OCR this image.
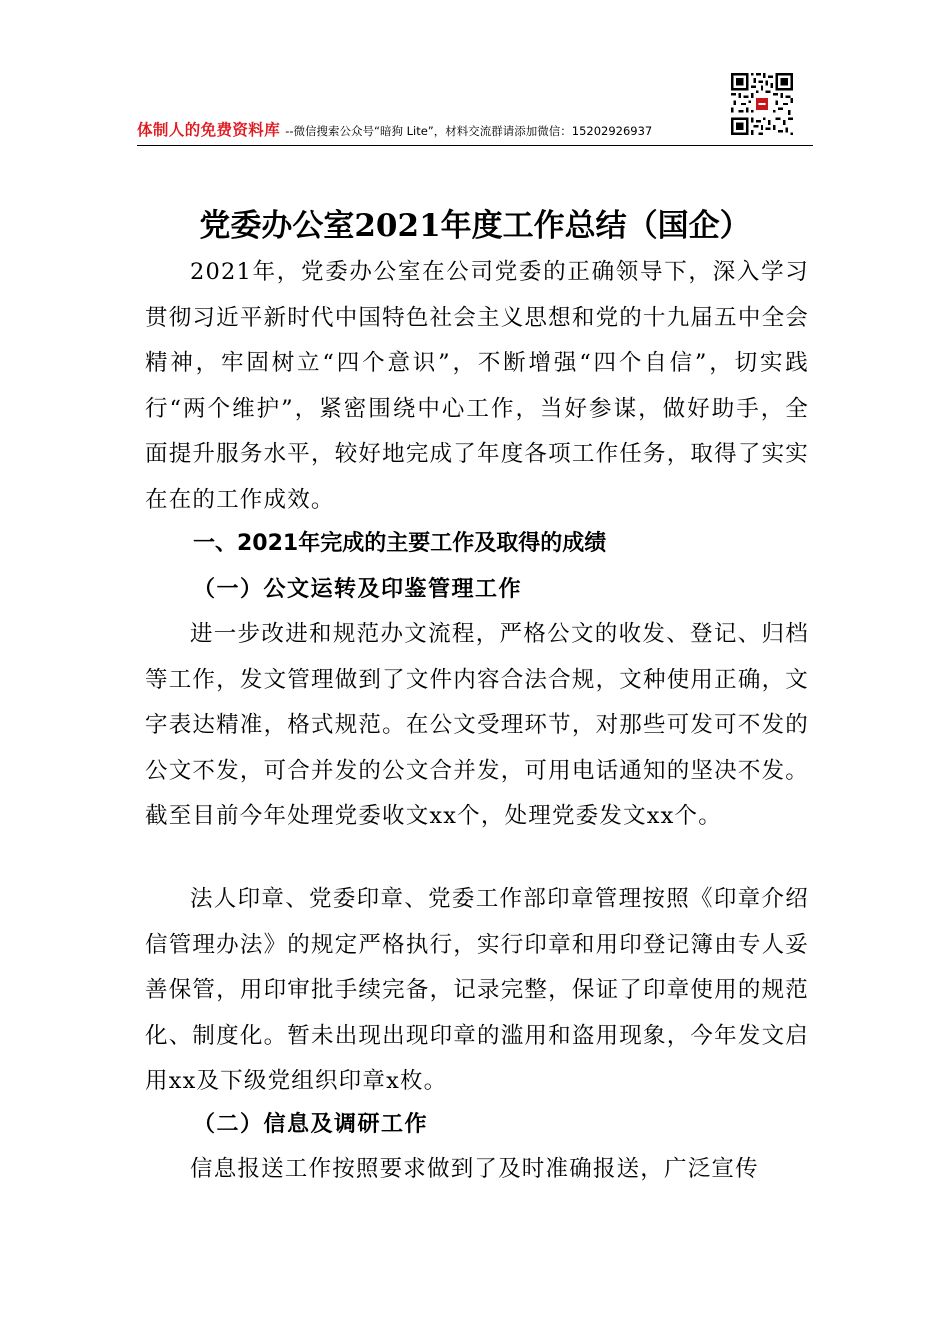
体制人的免费资料库 --微信搜索公众号“暗狗 Lite”，材料交流群请添加微信：15202926937
党委办公室2021年度工作总结（国企）

2021年，党委办公室在公司党委的正确领导下，深入学习贯彻习近平新时代中国特色社会主义思想和党的十九届五中全会精神，牢固树立“四个意识”，不断增强“四个自信”，切实践行“两个维护”，紧密围绕中心工作，当好参谋，做好助手，全面提升服务水平，较好地完成了年度各项工作任务，取得了实实在在的工作成效。

一、2021年完成的主要工作及取得的成绩
（一）公文运转及印鉴管理工作

进一步改进和规范办文流程，严格公文的收发、登记、归档等工作，发文管理做到了文件内容合法合规，文种使用正确，文字表达精准，格式规范。在公文受理环节，对那些可发可不发的公文不发，可合并发的公文合并发，可用电话通知的坚决不发。截至目前今年处理党委收文xx个，处理党委发文xx个。

法人印章、党委印章、党委工作部印章管理按照《印章介绍信管理办法》的规定严格执行，实行印章和用印登记簿由专人妥善保管，用印审批手续完备，记录完整，保证了印章使用的规范化、制度化。暂未出现出现印章的滥用和盗用现象，今年发文启用xx及下级党组织印章x枚。

（二）信息及调研工作

信息报送工作按照要求做到了及时准确报送，广泛宣传
